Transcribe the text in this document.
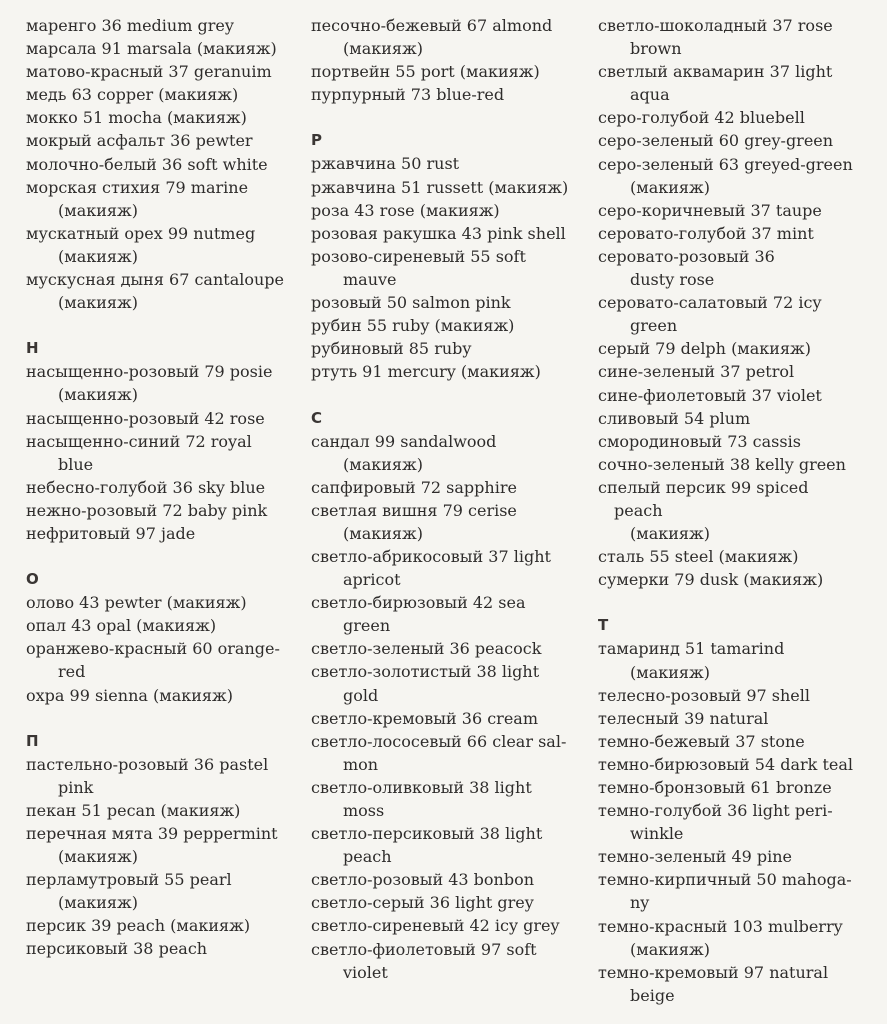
маренго 36 medium grey
марсала 91 marsala (макияж)
матово-красный 37 geranuim
медь 63 copper (макияж)
мокко 51 mocha (макияж)
мокрый асфальт 36 pewter
молочно-белый 36 soft white
морская стихия 79 marine
(макияж)
мускатный орех 99 nutmeg
(макияж)
мускусная дыня 67 cantaloupe
(макияж)
Н
насыщенно-розовый 79 posie
(макияж)
насыщенно-розовый 42 rose
насыщенно-синий 72 royal
blue
небесно-голубой 36 sky blue
нежно-розовый 72 baby pink
нефритовый 97 jade
О
олово 43 pewter (макияж)
опал 43 opal (макияж)
оранжево-красный 60 orange-
red
охра 99 sienna (макияж)
П
пастельно-розовый 36 pastel
pink
пекан 51 pecan (макияж)
перечная мята 39 peppermint
(макияж)
перламутровый 55 pearl
(макияж)
персик 39 peach (макияж)
персиковый 38 peach
песочно-бежевый 67 almond
(макияж)
портвейн 55 port (макияж)
пурпурный 73 blue-red
Р
ржавчина 50 rust
ржавчина 51 russett (макияж)
роза 43 rose (макияж)
розовая ракушка 43 pink shell
розово-сиреневый 55 soft
mauve
розовый 50 salmon pink
рубин 55 ruby (макияж)
рубиновый 85 ruby
ртуть 91 mercury (макияж)
С
сандал 99 sandalwood
(макияж)
сапфировый 72 sapphire
светлая вишня 79 cerise
(макияж)
светло-абрикосовый 37 light
apricot
светло-бирюзовый 42 sea
green
светло-зеленый 36 peacock
светло-золотистый 38 light
gold
светло-кремовый 36 cream
светло-лососевый 66 clear sal-
mon
светло-оливковый 38 light
moss
светло-персиковый 38 light
peach
светло-розовый 43 bonbon
светло-серый 36 light grey
светло-сиреневый 42 icy grey
светло-фиолетовый 97 soft
violet
светло-шоколадный 37 rose
brown
светлый аквамарин 37 light
aqua
серо-голубой 42 bluebell
серо-зеленый 60 grey-green
серо-зеленый 63 greyed-green
(макияж)
серо-коричневый 37 taupe
серовато-голубой 37 mint
серовато-розовый 36
dusty rose
серовато-салатовый 72 icy
green
серый 79 delph (макияж)
сине-зеленый 37 petrol
сине-фиолетовый 37 violet
сливовый 54 plum
смородиновый 73 cassis
сочно-зеленый 38 kelly green
спелый персик 99 spiced peach
(макияж)
сталь 55 steel (макияж)
сумерки 79 dusk (макияж)
Т
тамаринд 51 tamarind
(макияж)
телесно-розовый 97 shell
телесный 39 natural
темно-бежевый 37 stone
темно-бирюзовый 54 dark teal
темно-бронзовый 61 bronze
темно-голубой 36 light peri-
winkle
темно-зеленый 49 pine
темно-кирпичный 50 mahoga-
ny
темно-красный 103 mulberry
(макияж)
темно-кремовый 97 natural
beige
